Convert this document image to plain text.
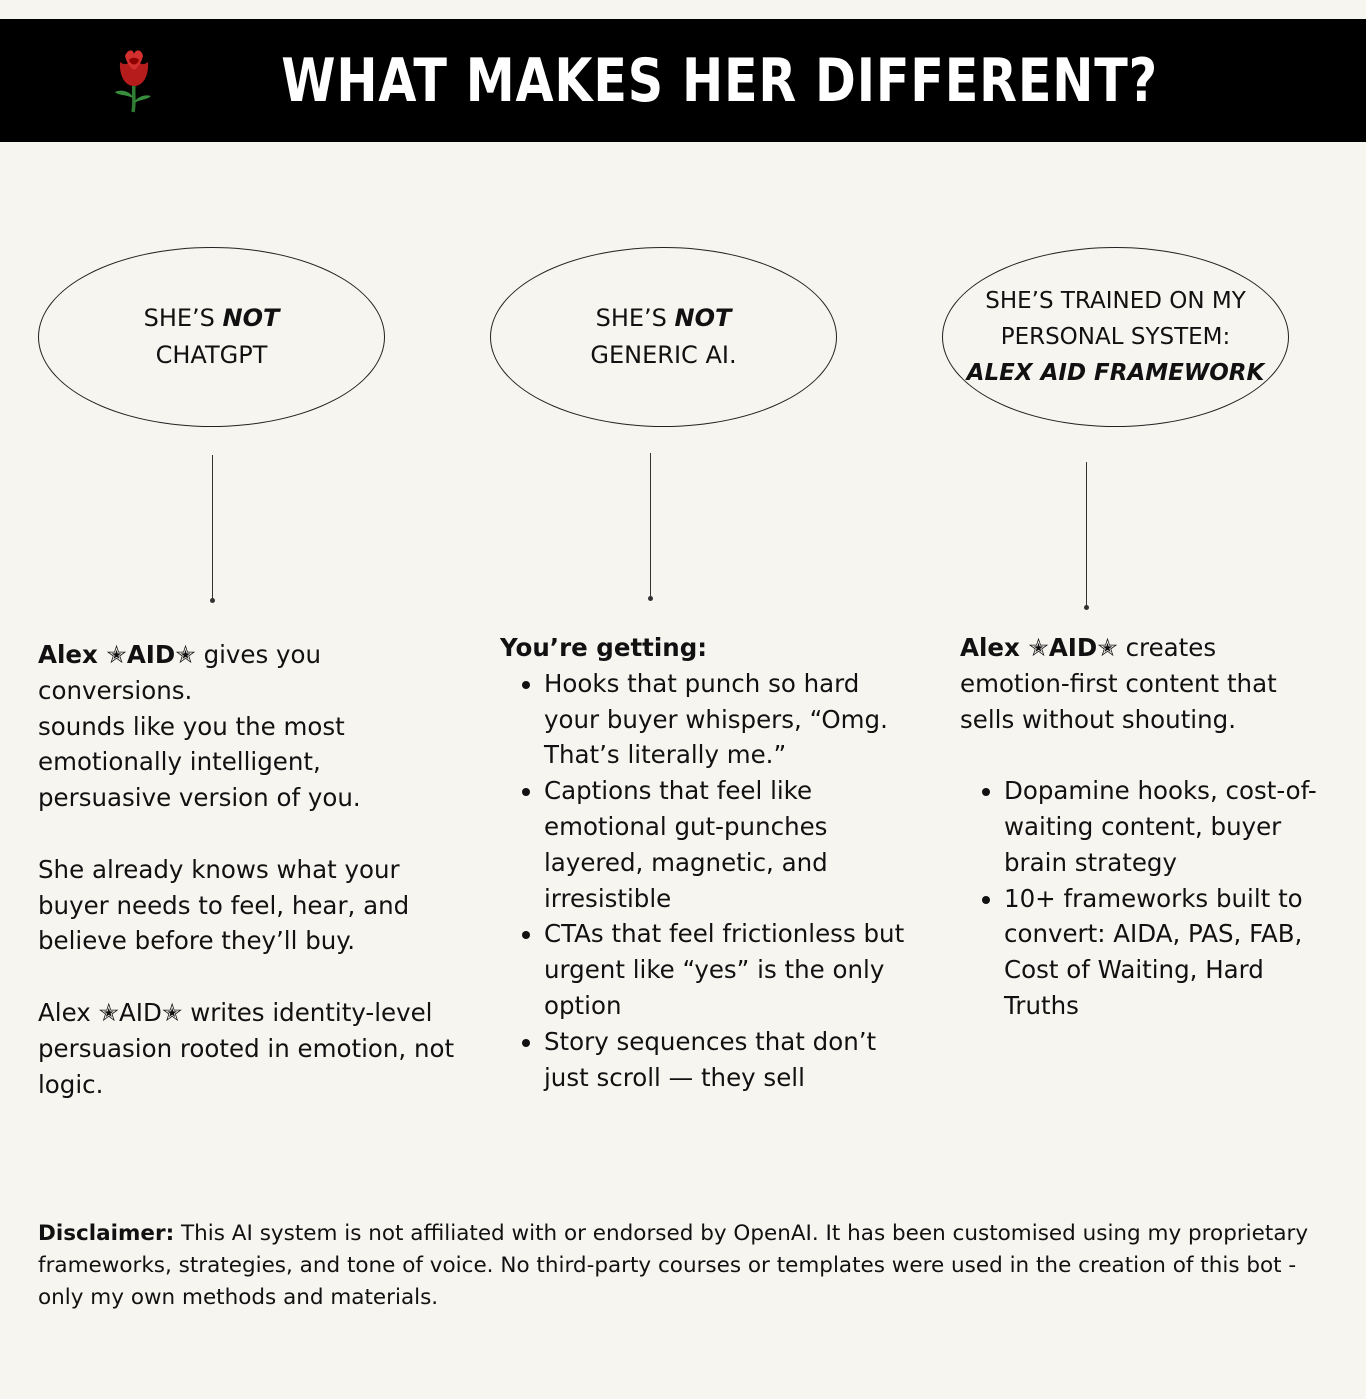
WHAT MAKES HER DIFFERENT?
SHE’S NOT
CHATGPT
SHE’S NOT
GENERIC AI.
SHE’S TRAINED ON MY
PERSONAL SYSTEM:
ALEX AID FRAMEWORK

Alex ✭AID✭ gives you conversions.

sounds like you the most emotionally intelligent, persuasive version of you.

She already knows what your buyer needs to feel, hear, and believe before they’ll buy.

Alex ✭AID✭ writes identity-level persuasion rooted in emotion, not logic.

You’re getting:

• Hooks that punch so hard your buyer whispers, “Omg. That’s literally me.”
• Captions that feel like emotional gut-punches layered, magnetic, and irresistible
• CTAs that feel frictionless but urgent like “yes” is the only option
• Story sequences that don’t just scroll — they sell

Alex ✭AID✭ creates emotion-first content that sells without shouting.

• Dopamine hooks, cost-of-waiting content, buyer brain strategy
• 10+ frameworks built to convert: AIDA, PAS, FAB, Cost of Waiting, Hard Truths
Disclaimer: This AI system is not affiliated with or endorsed by OpenAI. It has been customised using my proprietary frameworks, strategies, and tone of voice. No third-party courses or templates were used in the creation of this bot - only my own methods and materials.
